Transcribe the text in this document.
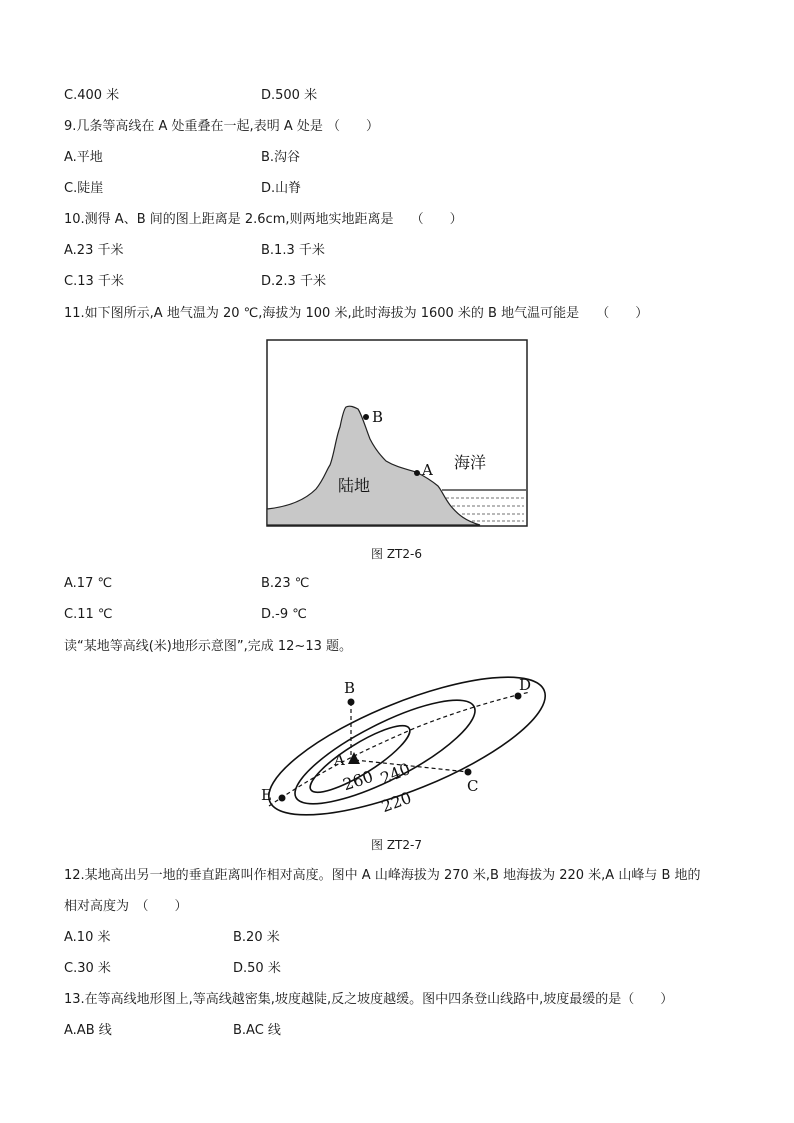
C.400 米	D.500 米
9.几条等高线在 A 处重叠在一起,表明 A 处是 （　　）
A.平地	B.沟谷
C.陡崖	D.山脊
10.测得 A、B 间的图上距离是 2.6cm,则两地实地距离是　 （　　）
A.23 千米	B.1.3 千米
C.13 千米	D.2.3 千米
11.如下图所示,A 地气温为 20 ℃,海拔为 100 米,此时海拔为 1600 米的 B 地气温可能是　 （　　）
B
A
陆地
海洋
图 ZT2-6
A.17 ℃	B.23 ℃
C.11 ℃	D.-9 ℃
读“某地等高线(米)地形示意图”,完成 12~13 题。
B
A
C
D
E
260 240
220
图 ZT2-7
12.某地高出另一地的垂直距离叫作相对高度。图中 A 山峰海拔为 270 米,B 地海拔为 220 米,A 山峰与 B 地的
相对高度为　（　　）
A.10 米	B.20 米
C.30 米	D.50 米
13.在等高线地形图上,等高线越密集,坡度越陡,反之坡度越缓。图中四条登山线路中,坡度最缓的是（　　）
A.AB 线	B.AC 线
